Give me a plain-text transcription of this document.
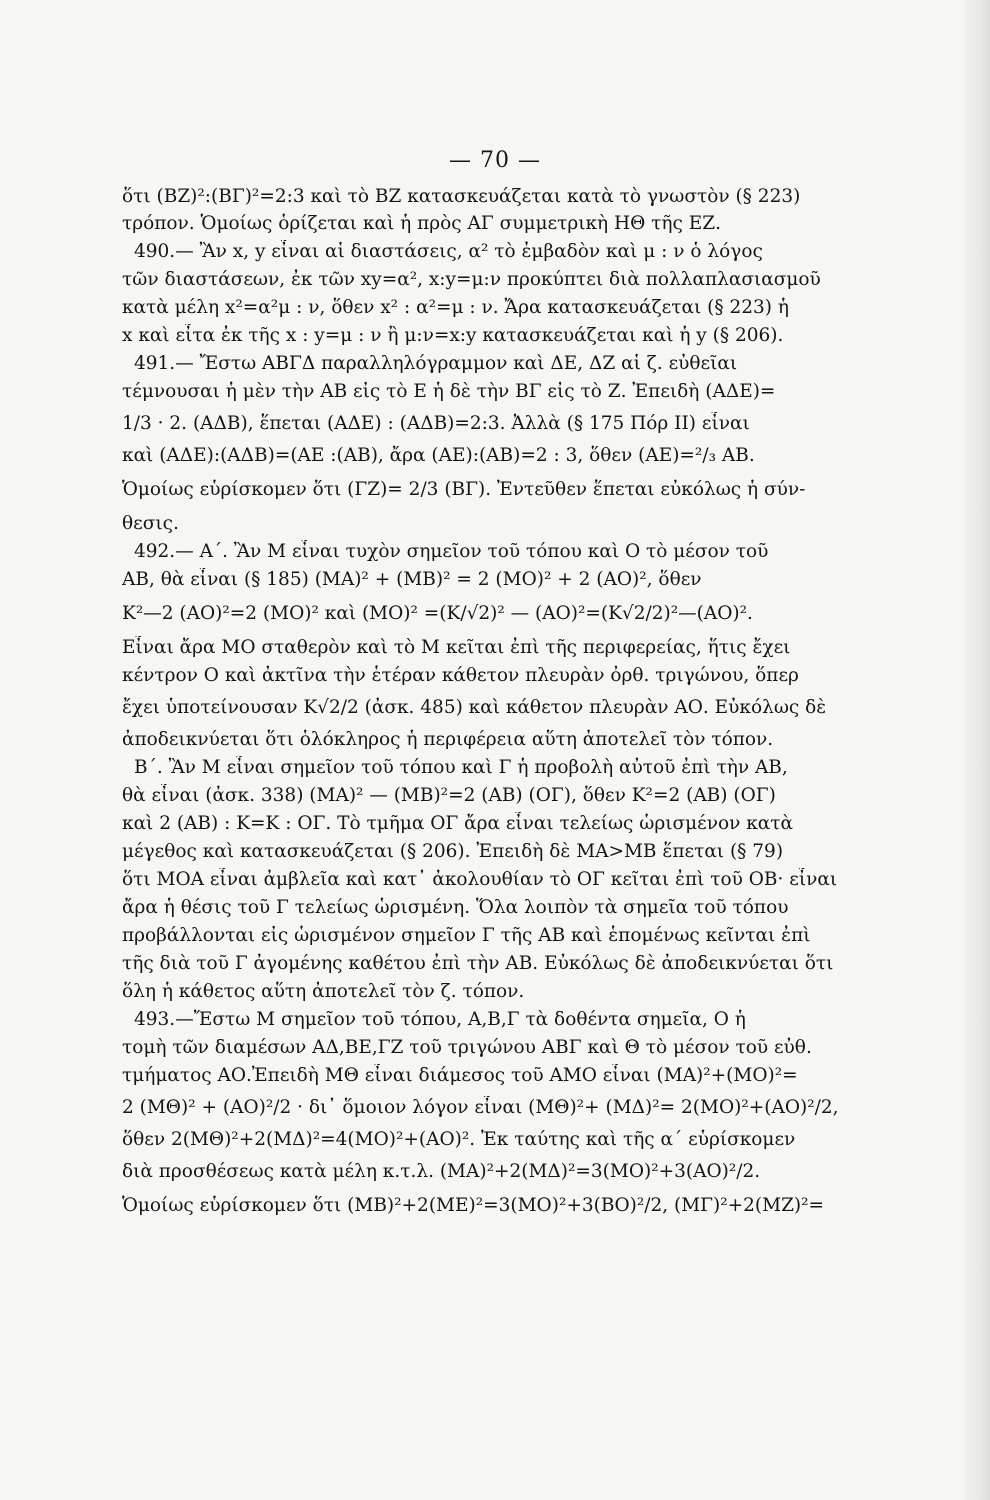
— 70 —
ὅτι (ΒΖ)²:(ΒΓ)²=2:3 καὶ τὸ ΒΖ κατασκευάζεται κατὰ τὸ γνωστὸν (§ 223)
τρόπον. Ὁμοίως ὁρίζεται καὶ ἡ πρὸς ΑΓ συμμετρικὴ ΗΘ τῆς ΕΖ.
490.— Ἂν x, y εἶναι αἱ διαστάσεις, α² τὸ ἐμβαδὸν καὶ μ : ν ὁ λόγος
τῶν διαστάσεων, ἐκ τῶν xy=α², x:y=μ:ν προκύπτει διὰ πολλαπλασιασμοῦ
κατὰ μέλη x²=α²μ : ν, ὅθεν x² : α²=μ : ν. Ἄρα κατασκευάζεται (§ 223) ἡ
x καὶ εἶτα ἐκ τῆς x : y=μ : ν ἢ μ:ν=x:y κατασκευάζεται καὶ ἡ y (§ 206).
491.— Ἔστω ΑΒΓΔ παραλληλόγραμμον καὶ ΔΕ, ΔΖ αἱ ζ. εὐθεῖαι
τέμνουσαι ἡ μὲν τὴν ΑΒ εἰς τὸ Ε ἡ δὲ τὴν ΒΓ εἰς τὸ Ζ. Ἐπειδὴ (ΑΔΕ)=
1/3 · 2. (ΑΔΒ), ἕπεται (ΑΔΕ) : (ΑΔΒ)=2:3. Ἀλλὰ (§ 175 Πόρ ΙΙ) εἶναι
καὶ (ΑΔΕ):(ΑΔΒ)=(ΑΕ :(ΑΒ), ἄρα (ΑΕ):(ΑΒ)=2 : 3, ὅθεν (ΑΕ)=²/₃ ΑΒ.
Ὁμοίως εὑρίσκομεν ὅτι (ΓΖ)= 2/3 (ΒΓ). Ἐντεῦθεν ἕπεται εὐκόλως ἡ σύν-
θεσις.
492.— Α΄. Ἂν Μ εἶναι τυχὸν σημεῖον τοῦ τόπου καὶ Ο τὸ μέσον τοῦ
ΑΒ, θὰ εἶναι (§ 185) (ΜΑ)² + (ΜΒ)² = 2 (ΜΟ)² + 2 (ΑΟ)², ὅθεν
Κ²—2 (ΑΟ)²=2 (ΜΟ)² καὶ (ΜΟ)² =(Κ/√2)² — (ΑΟ)²=(Κ√2/2)²—(ΑΟ)².
Εἶναι ἄρα ΜΟ σταθερὸν καὶ τὸ Μ κεῖται ἐπὶ τῆς περιφερείας, ἥτις ἔχει
κέντρον Ο καὶ ἀκτῖνα τὴν ἑτέραν κάθετον πλευρὰν ὀρθ. τριγώνου, ὅπερ
ἔχει ὑποτείνουσαν Κ√2/2 (ἀσκ. 485) καὶ κάθετον πλευρὰν ΑΟ. Εὐκόλως δὲ
ἀποδεικνύεται ὅτι ὁλόκληρος ἡ περιφέρεια αὕτη ἀποτελεῖ τὸν τόπον.
Β΄. Ἂν Μ εἶναι σημεῖον τοῦ τόπου καὶ Γ ἡ προβολὴ αὐτοῦ ἐπὶ τὴν ΑΒ,
θὰ εἶναι (ἀσκ. 338) (ΜΑ)² — (ΜΒ)²=2 (ΑΒ) (ΟΓ), ὅθεν Κ²=2 (ΑΒ) (ΟΓ)
καὶ 2 (ΑΒ) : Κ=Κ : ΟΓ. Τὸ τμῆμα ΟΓ ἄρα εἶναι τελείως ὡρισμένον κατὰ
μέγεθος καὶ κατασκευάζεται (§ 206). Ἐπειδὴ δὲ ΜΑ>ΜΒ ἕπεται (§ 79)
ὅτι ΜΟΑ εἶναι ἀμβλεῖα καὶ κατ᾽ ἀκολουθίαν τὸ ΟΓ κεῖται ἐπὶ τοῦ ΟΒ· εἶναι
ἄρα ἡ θέσις τοῦ Γ τελείως ὡρισμένη. Ὅλα λοιπὸν τὰ σημεῖα τοῦ τόπου
προβάλλονται εἰς ὡρισμένον σημεῖον Γ τῆς ΑΒ καὶ ἑπομένως κεῖνται ἐπὶ
τῆς διὰ τοῦ Γ ἀγομένης καθέτου ἐπὶ τὴν ΑΒ. Εὐκόλως δὲ ἀποδεικνύεται ὅτι
ὅλη ἡ κάθετος αὕτη ἀποτελεῖ τὸν ζ. τόπον.
493.—Ἔστω Μ σημεῖον τοῦ τόπου, Α,Β,Γ τὰ δοθέντα σημεῖα, Ο ἡ
τομὴ τῶν διαμέσων ΑΔ,ΒΕ,ΓΖ τοῦ τριγώνου ΑΒΓ καὶ Θ τὸ μέσον τοῦ εὐθ.
τμήματος ΑΟ.Ἐπειδὴ ΜΘ εἶναι διάμεσος τοῦ ΑΜΟ εἶναι (ΜΑ)²+(ΜΟ)²=
2 (ΜΘ)² + (ΑΟ)²/2 · δι᾽ ὅμοιον λόγον εἶναι (ΜΘ)²+ (ΜΔ)²= 2(ΜΟ)²+(ΑΟ)²/2,
ὅθεν 2(ΜΘ)²+2(ΜΔ)²=4(ΜΟ)²+(ΑΟ)². Ἐκ ταύτης καὶ τῆς α΄ εὑρίσκομεν
διὰ προσθέσεως κατὰ μέλη κ.τ.λ. (ΜΑ)²+2(ΜΔ)²=3(ΜΟ)²+3(ΑΟ)²/2.
Ὁμοίως εὑρίσκομεν ὅτι (ΜΒ)²+2(ΜΕ)²=3(ΜΟ)²+3(ΒΟ)²/2, (ΜΓ)²+2(ΜΖ)²=
